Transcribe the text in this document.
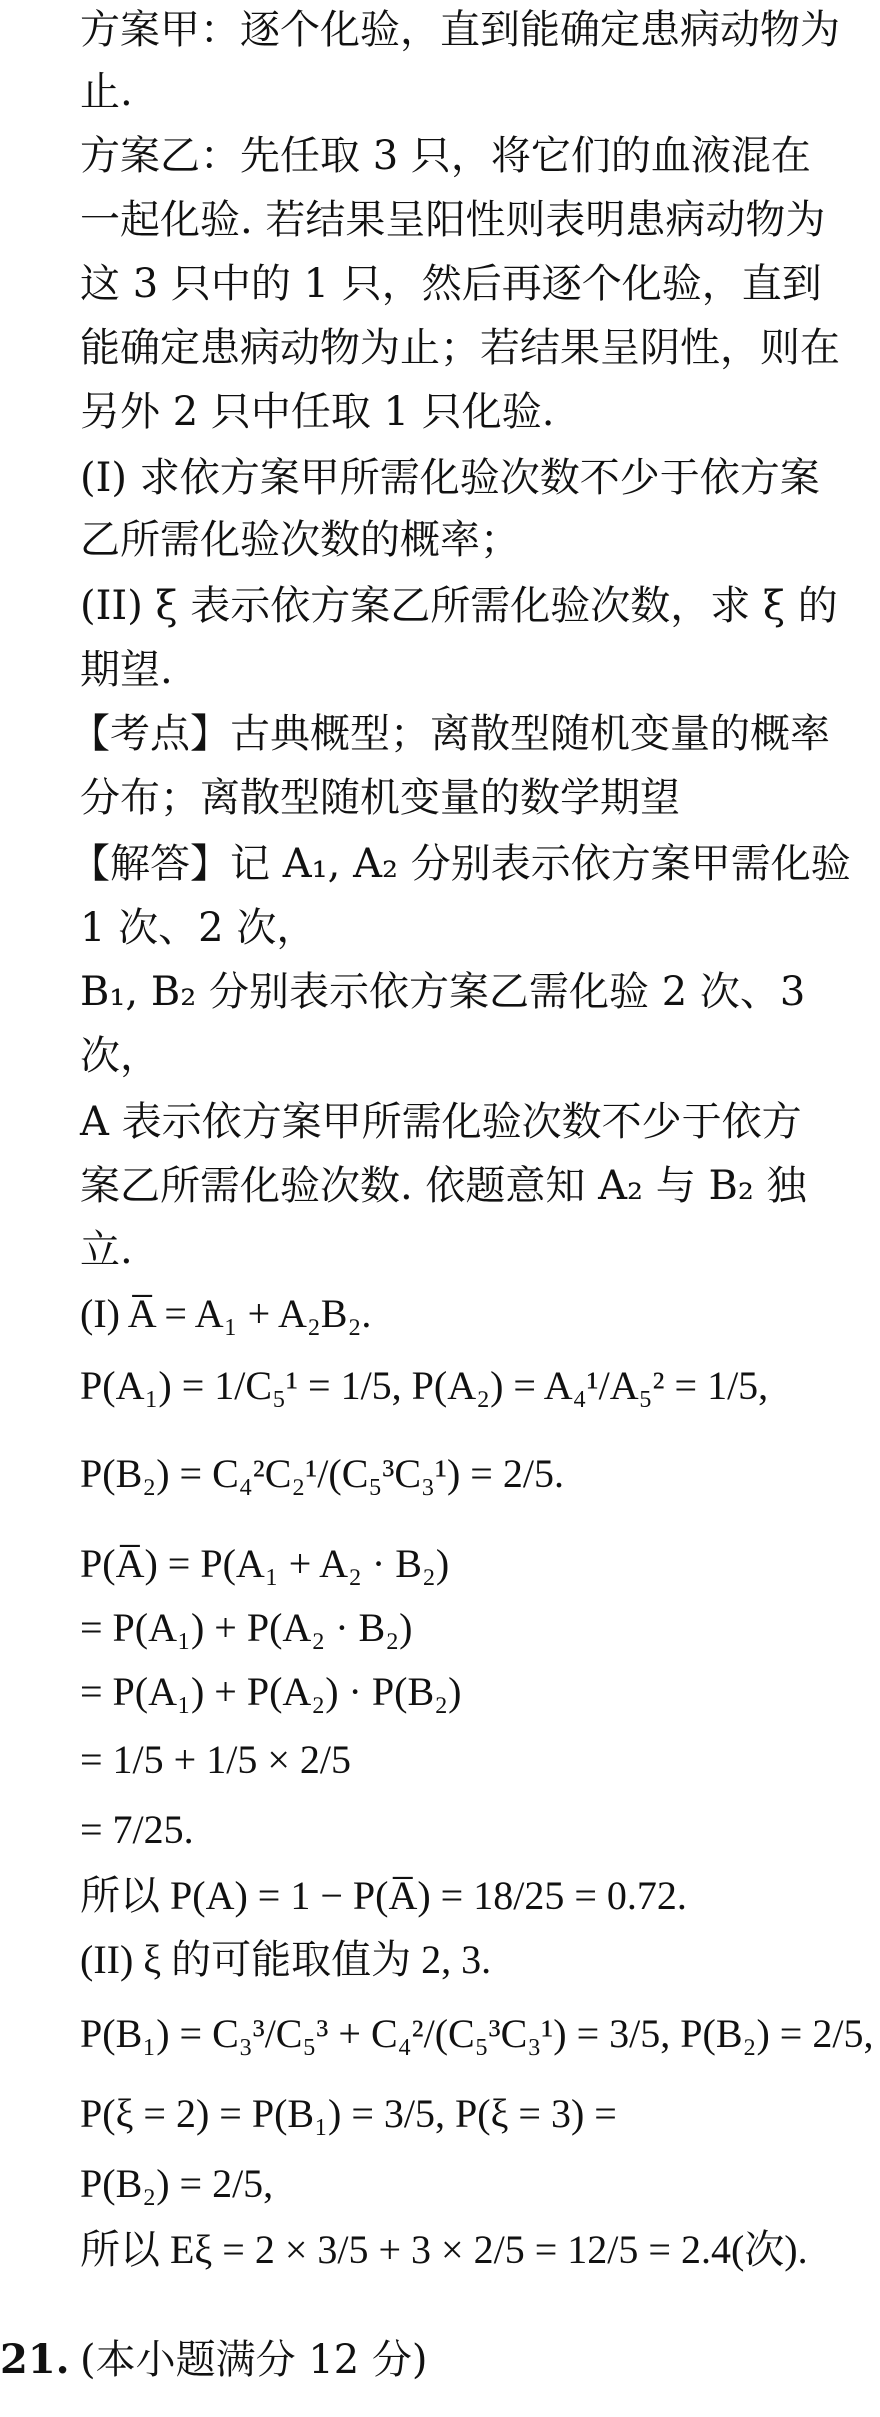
方案甲：逐个化验，直到能确定患病动物为
止.
方案乙：先任取 3 只，将它们的血液混在
一起化验. 若结果呈阳性则表明患病动物为
这 3 只中的 1 只，然后再逐个化验，直到
能确定患病动物为止；若结果呈阴性，则在
另外 2 只中任取 1 只化验.
(I) 求依方案甲所需化验次数不少于依方案
乙所需化验次数的概率；
(II) ξ 表示依方案乙所需化验次数，求 ξ 的
期望.
【考点】古典概型；离散型随机变量的概率
分布；离散型随机变量的数学期望
【解答】记 A₁, A₂ 分别表示依方案甲需化验
1 次、2 次，
B₁, B₂ 分别表示依方案乙需化验 2 次、3
次，
A 表示依方案甲所需化验次数不少于依方
案乙所需化验次数. 依题意知 A₂ 与 B₂ 独
立.
(I) A̅ = A₁ + A₂B₂.
P(A₁) = 1/C₅¹ = 1/5, P(A₂) = A₄¹/A₅² = 1/5,
P(B₂) = C₄²C₂¹/(C₅³C₃¹) = 2/5.
P(A̅) = P(A₁ + A₂ · B₂)
= P(A₁) + P(A₂ · B₂)
= P(A₁) + P(A₂) · P(B₂)
= 1/5 + 1/5 × 2/5
= 7/25.
所以 P(A) = 1 − P(A̅) = 18/25 = 0.72.
(II) ξ 的可能取值为 2, 3.
P(B₁) = C₃³/C₅³ + C₄²/(C₅³C₃¹) = 3/5, P(B₂) = 2/5,
P(ξ = 2) = P(B₁) = 3/5, P(ξ = 3) =
P(B₂) = 2/5,
所以 Eξ = 2 × 3/5 + 3 × 2/5 = 12/5 = 2.4(次).
21. (本小题满分 12 分)
